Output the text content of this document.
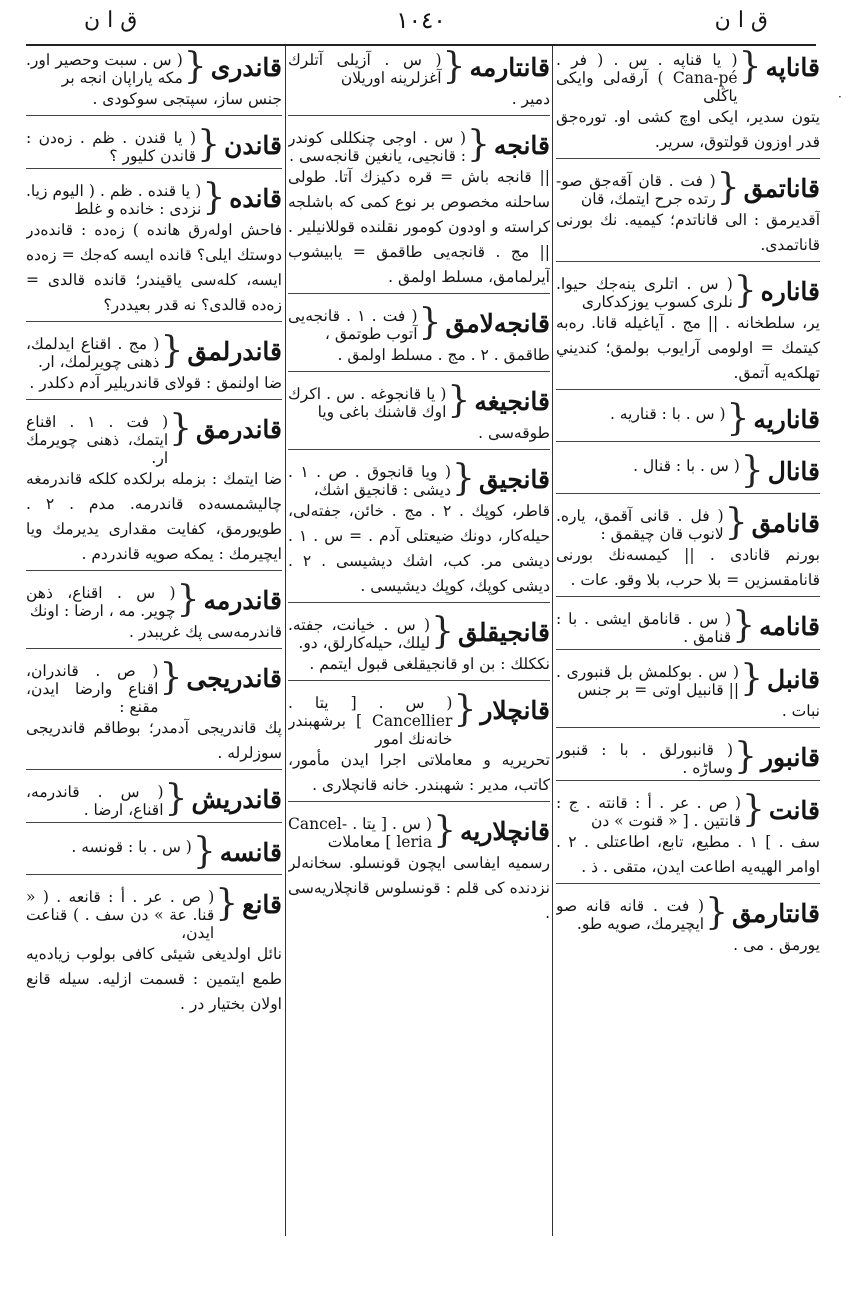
ق ا ن	١٠٤٠	ق ا ن
·
قاناپه
{
( يا قناپه . س . ( فر . Cana-pé ) آرقه‌لى وايكى ياڭلى
يتون سدير، ايكى اوچ كشى او. توره‌جق قدر اوزون قولتوق، سرير.
قاناتمق
{
( فت . قان آقه‌جق صو- رتده جرح ايتمك، قان
آقديرمق : الى قاناتدم؛ كيميه. نك بورنى قاناتمدى.
قاناره
{
( س . اتلرى ينه‌جك حيوا. نلرى كسوب يوزكدكارى
ير، سلطخانه . || مج . آياغيله قانا. ره‌به كيتمك = اولومى آرايوب بولمق؛ كنديني تهلكه‌يه آتمق.
قاناريه
{
( س . با : قناريه .
قانال
{
( س . با : قنال .
قانامق
{
( فل . قانى آقمق، ياره. لانوب قان چيقمق :
بورنم قانادى . || كيمسه‌نك بورنى قانامقسزين = بلا حرب، بلا وقو. عات .
قانامه
{
( س . قانامق ايشى . با : قنامق .
قانبل
{
( س . بوكلمش بل قنبورى . || قانبيل اوتى = بر جنس
نبات .
قانبور
{
( قانبورلق . با : قنبور وساڑه .
قانت
{
( ص . عر . أ : قانته . ج : قانتين . [ « قنوت » دن
سف . ] ١ . مطيع، تابع، اطاعتلى . ٢ . اوامر الهيه‌يه اطاعت ايدن، متقى . ذ .
قانتارمق
{
( فت . قانه قانه صو ايچيرمك، صويه طو.
يورمق . مى .
قانتارمه
{
( س . آزيلى آتلرك آغزلرينه اوريلان
دمير .
قانجه
{
( س . اوجى چنكللى كوندر : قانجيى، يانغين قانجه‌سى .
|| قانجه باش = قره دكيزك آتا. طولى ساحلنه مخصوص بر نوع كمى كه باشلجه كراسته و اودون كومور نقلنده قوللانيلير . || مج . قانجه‌يى طاقمق = يابيشوب آيرلمامق، مسلط اولمق .
قانجه‌لامق
{
( فت . ١ . قانجه‌يى آتوب طوتمق ،
طاقمق . ٢ . مج . مسلط اولمق .
قانجيغه
{
( يا قانجوغه . س . اكرك اوك قاشنك باغى ويا
طوقه‌سى .
قانجيق
{
( ويا قانجوق . ص . ١ . ديشى : قانجيق اشك،
قاطر، كوپك . ٢ . مج . خائن، جفته‌لى، حيله‌كار، دونك ضيعتلى آدم . = س . ١ . ديشى مر. كب، اشك ديشيسى . ٢ . ديشى كوپك، كوپك ديشيسى .
قانجيقلق
{
( س . خيانت، جفته. ليلك، حيله‌كارلق، دو.
نككلك : بن او قانجيقلغى قبول ايتمم .
قانچلار
{
( س . [ يتا . Cancellier ] برشهبندر خانه‌نك امور
تحريريه و معاملاتى اجرا ايدن مأمور، كاتب، مدير : شهبندر. خانه قانچلارى .
قانچلاريه
{
( س . [ يتا . Cancel-leria ] معاملات
رسميه ايفاسى ايچون قونسلو. سخانه‌لر نزدنده كى قلم : قونسلوس قانچلاريه‌سى .
قاندرى
{
( س . سبت وحصير اور. مكه ياراپان انجه بر
جنس ساز، سپتجى سوكودى .
قاندن
{
( يا قندن . ظم . زه‌دن : قاندن كليور ؟
قانده
{
( يا قنده . ظم . ( اليوم زيا. نزدى : خانده و غلط
فاحش اوله‌رق هانده ) زه‌ده : قانده‌در دوستك ايلى؟ قانده ايسه كه‌جك = زه‌ده ايسه، كله‌سى ياقيندر؛ قانده قالدى = زه‌ده قالدى؟ نه قدر بعيددر؟
قاندرلمق
{
( مج . اقناع ايدلمك، ذهنى چويرلمك، ار.
ضا اولنمق : قولاى قاندريلير آدم دكلدر .
قاندرمق
{
( فت . ١ . اقناع ايتمك، ذهنى چويرمك ار.
ضا ايتمك : بزمله برلكده كلكه قاندرمغه چاليشمسه‌ده قاندرمه. مدم . ٢ . طويورمق، كفايت مقدارى يديرمك ويا ايچيرمك : يمكه صويه قاندردم .
قاندرمه
{
( س . اقناع، ذهن چوير. مه ، ارضا : اونك
قاندرمه‌سى پك غريبدر .
قاندريجى
{
( ص . قاندران، اقناع وارضا ايدن، مقنع :
پك قاندريجى آدمدر؛ بوطاقم قاندريجى سوزلرله .
قاندريش
{
( س . قاندرمه، اقناع، ارضا .
قانسه
{
( س . با : قونسه .
قانع
{
( ص . عر . أ : قانعه . ( « قنا. عة » دن سف . ) قناعت ايدن،
نائل اولديغى شيئى كافى بولوب زياده‌يه طمع ايتمين : قسمت ازليه. سيله قانع اولان بختيار در .
